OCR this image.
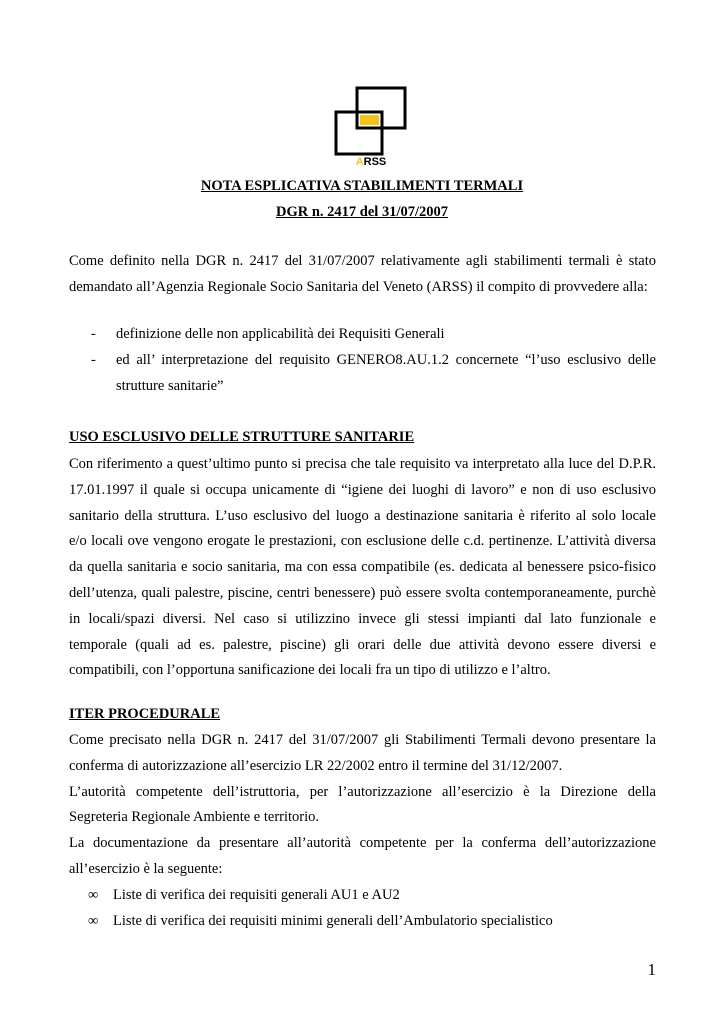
ARSS
NOTA ESPLICATIVA STABILIMENTI TERMALI
DGR n. 2417 del 31/07/2007
Come definito nella DGR n. 2417 del 31/07/2007 relativamente agli stabilimenti termali è stato
demandato all’Agenzia Regionale Socio Sanitaria del Veneto (ARSS) il compito di provvedere alla:
- definizione delle non applicabilità dei Requisiti Generali
- ed all’ interpretazione del requisito GENERO8.AU.1.2 concernete “l’uso esclusivo delle
strutture sanitarie”
USO ESCLUSIVO DELLE STRUTTURE SANITARIE
Con riferimento a quest’ultimo punto si precisa che tale requisito va interpretato alla luce del D.P.R.
17.01.1997 il quale si occupa unicamente di “igiene dei luoghi di lavoro” e non di uso esclusivo
sanitario della struttura. L’uso esclusivo del luogo a destinazione sanitaria è riferito al solo locale
e/o locali ove vengono erogate le prestazioni, con esclusione delle c.d. pertinenze. L’attività diversa
da quella sanitaria e socio sanitaria, ma con essa compatibile (es. dedicata al benessere psico-fisico
dell’utenza, quali palestre, piscine, centri benessere) può essere svolta contemporaneamente, purchè
in locali/spazi diversi. Nel caso si utilizzino invece gli stessi impianti dal lato funzionale e
temporale (quali ad es. palestre, piscine) gli orari delle due attività devono essere diversi e
compatibili, con l’opportuna sanificazione dei locali fra un tipo di utilizzo e l’altro.
ITER PROCEDURALE
Come precisato nella DGR n. 2417 del 31/07/2007 gli Stabilimenti Termali devono presentare la
conferma di autorizzazione all’esercizio LR 22/2002 entro il termine del 31/12/2007.
L’autorità competente dell’istruttoria, per l’autorizzazione all’esercizio è la Direzione della
Segreteria Regionale Ambiente e territorio.
La documentazione da presentare all’autorità competente per la conferma dell’autorizzazione
all’esercizio è la seguente:
∞ Liste di verifica dei requisiti generali AU1 e AU2
∞ Liste di verifica dei requisiti minimi generali dell’Ambulatorio specialistico
1
